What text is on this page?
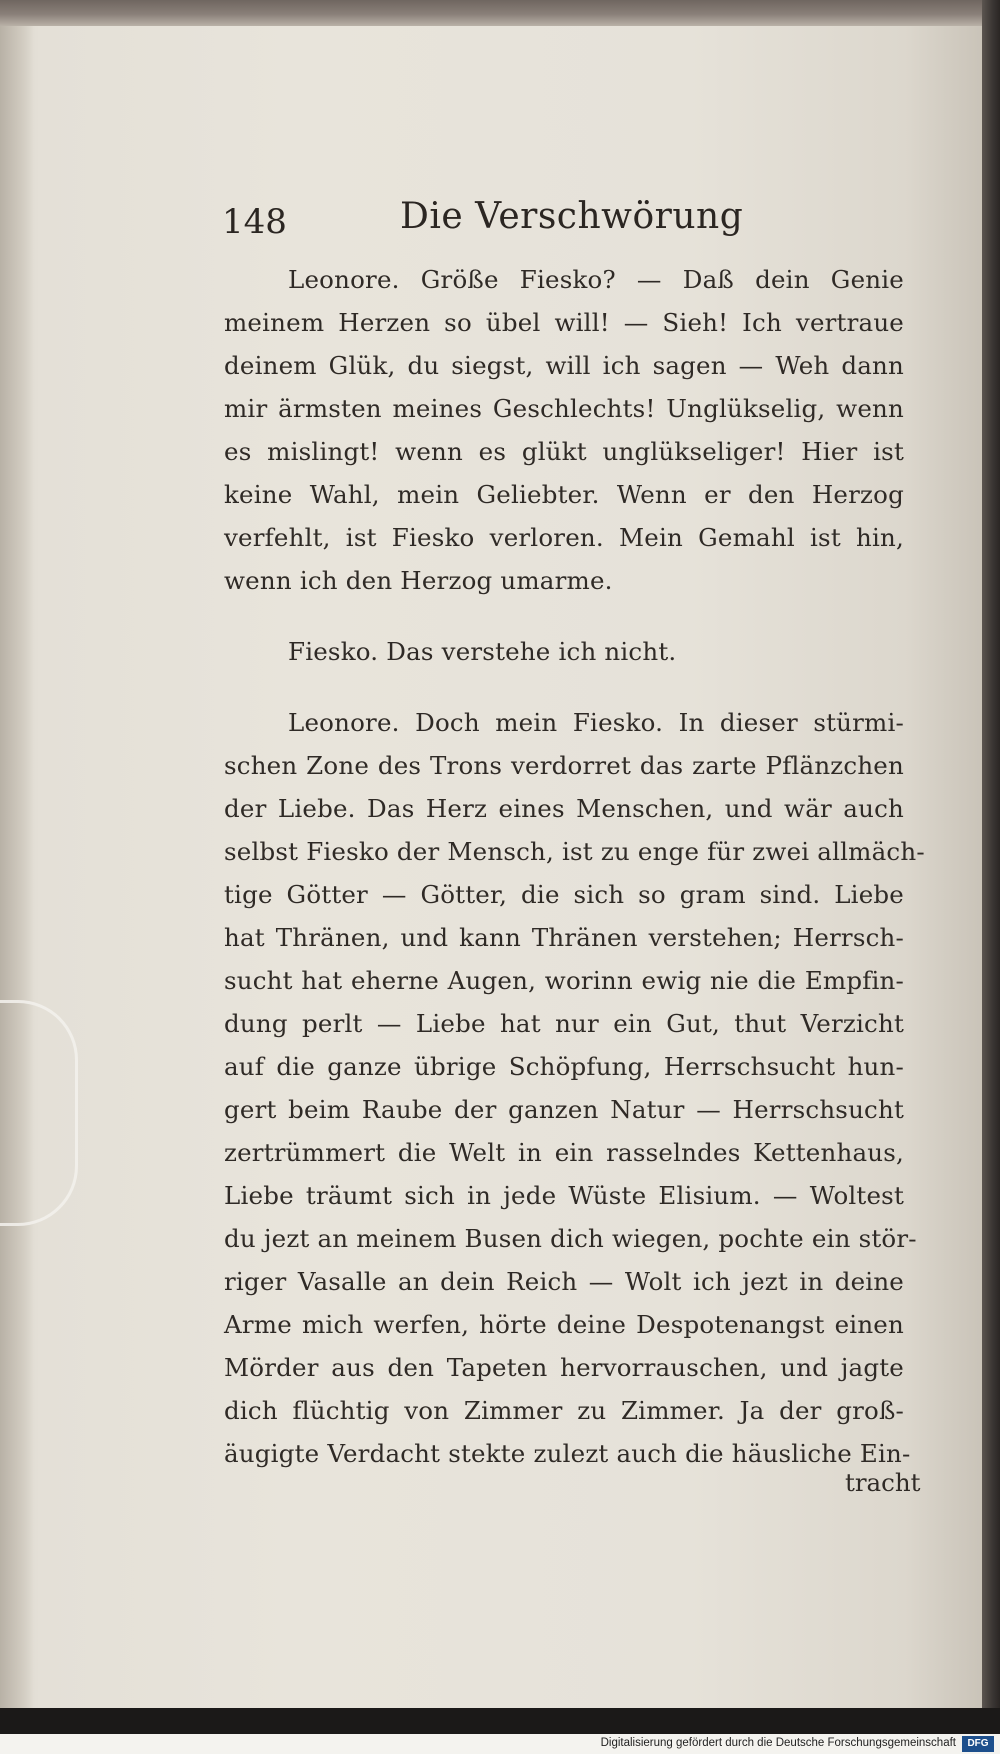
148	Die Verschwörung
Leonore. Größe Fiesko? — Daß dein Genie
meinem Herzen so übel will! — Sieh! Ich vertraue
deinem Glük, du siegst, will ich sagen — Weh dann
mir ärmsten meines Geschlechts! Unglükselig, wenn
es mislingt! wenn es glükt unglükseliger! Hier ist
keine Wahl, mein Geliebter. Wenn er den Herzog
verfehlt, ist Fiesko verloren. Mein Gemahl ist hin,
wenn ich den Herzog umarme.
Fiesko. Das verstehe ich nicht.
Leonore. Doch mein Fiesko. In dieser stürmi-
schen Zone des Trons verdorret das zarte Pflänzchen
der Liebe. Das Herz eines Menschen, und wär auch
selbst Fiesko der Mensch, ist zu enge für zwei allmäch-
tige Götter — Götter, die sich so gram sind. Liebe
hat Thränen, und kann Thränen verstehen; Herrsch-
sucht hat eherne Augen, worinn ewig nie die Empfin-
dung perlt — Liebe hat nur ein Gut, thut Verzicht
auf die ganze übrige Schöpfung, Herrschsucht hun-
gert beim Raube der ganzen Natur — Herrschsucht
zertrümmert die Welt in ein rasselndes Kettenhaus,
Liebe träumt sich in jede Wüste Elisium. — Woltest
du jezt an meinem Busen dich wiegen, pochte ein stör-
riger Vasalle an dein Reich — Wolt ich jezt in deine
Arme mich werfen, hörte deine Despotenangst einen
Mörder aus den Tapeten hervorrauschen, und jagte
dich flüchtig von Zimmer zu Zimmer. Ja der groß-
äugigte Verdacht stekte zulezt auch die häusliche Ein-
tracht
Digitalisierung gefördert durch die Deutsche Forschungsgemeinschaft	DFG
